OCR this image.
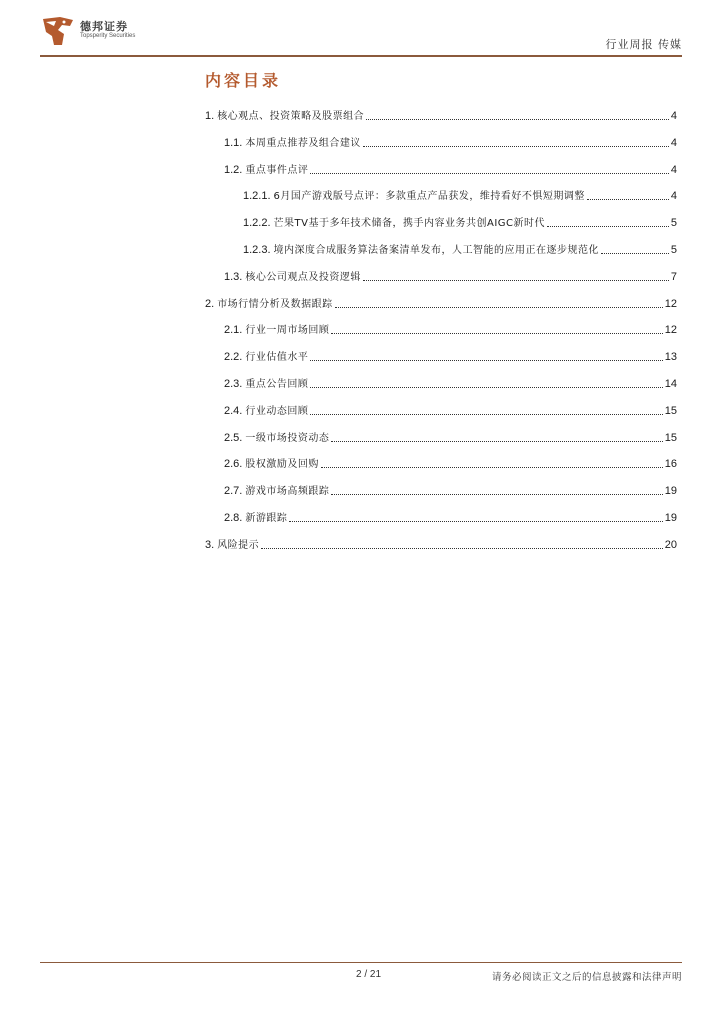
德邦证券
Topsperity Securities
行业周报 传媒
内容目录
1. 核心观点、投资策略及股票组合	4
1.1. 本周重点推荐及组合建议	4
1.2. 重点事件点评	4
1.2.1. 6月国产游戏版号点评：多款重点产品获发，维持看好不惧短期调整	4
1.2.2. 芒果TV基于多年技术储备，携手内容业务共创AIGC新时代	5
1.2.3. 境内深度合成服务算法备案清单发布，人工智能的应用正在逐步规范化	5
1.3. 核心公司观点及投资逻辑	7
2. 市场行情分析及数据跟踪	12
2.1. 行业一周市场回顾	12
2.2. 行业估值水平	13
2.3. 重点公告回顾	14
2.4. 行业动态回顾	15
2.5. 一级市场投资动态	15
2.6. 股权激励及回购	16
2.7. 游戏市场高频跟踪	19
2.8. 新游跟踪	19
3. 风险提示	20
2 / 21	请务必阅读正文之后的信息披露和法律声明
